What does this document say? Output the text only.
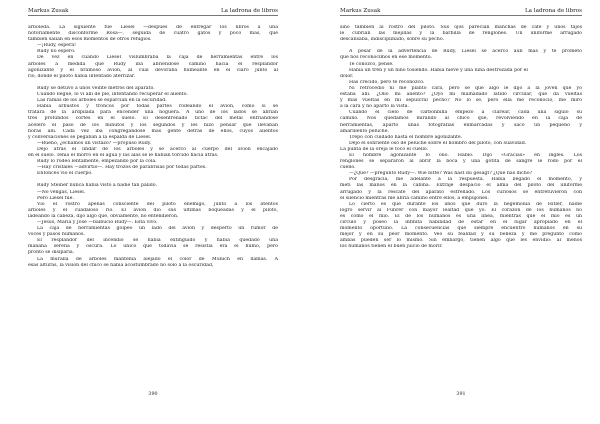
Markus Zusak	La ladrona de libros
arboleda. La siguiente fue Liesel —después de entregar los libros a una
notoriamente disconforme Rosa—, seguida de cuatro gatos y poco más, que
también salían en esos momentos de otros refugios.
—¡Rudy, espera!
Rudy no esperó.
De vez en cuando Liesel vislumbraba la caja de herramientas entre los
árboles a medida que Rudy iba abriéndose camino hacia el resplandor
agonizante y el bramoso avión, al cual devoraba humeante en el claro junto al
río, donde el piloto había intentado aterrizar.
Rudy se detuvo a unos veinte metros del aparato.
Cuando llegué, lo vi allí de pie, intentando recuperar el aliento.
Las ramas de los árboles se esparcían en la oscuridad.
Había arbustos y troncos por todas partes rodeando el avión, como si se
tratara de la ardpilada para encender una hoguera. A uno de los lados se abrían
tres profundos cortes en el suelo. El desenfrenado tictac del metal enfriándose
aceleró el paso de los minutos y los segundos y les hizo pensar que llevaban
horas allí. Cada vez iba congregándose más gente detrás de ellos, cuyos alientos
y conversaciones se pegaban a la espalda de Liesel.
—Bueno, ¿echamos un vistazo? —propuso Rudy.
Dejó atrás el lindar de los árboles y se acercó al cuerpo del avión encajado
en el suelo. Tenía el morro en el agua y las alas se le habían torcido hacia atrás.
Rudy lo rodeó lentamente, empezando por la cola.
—Hay cristales —advirtió—. Hay trozos de parabrisas por todas partes.
Entonces vio el cuerpo.
Rudy Steiner nunca había visto a nadie tan pálido.
—No vengas, Liesel.
Pero Liesel fue.
Vio el rostro apenas consciente del piloto enemigo, junto a los atentos
árboles y el cuadaloso río. El avión dio sus últimas boqueadas y el piloto,
ladeando la cabeza, dijo algo que, obviamente, no entendieron.
—Jesús, María y José —balbució Rudy—. Está vivo.
La caja de herramientas golpeó un lado del avión y despertó un rumor de
voces y pasos humanos.
El resplandor del incendio se había extinguido y había quedado una
mañana serena y oscura. Lo único que todavía se resistía era el humo, pero
pronto se disiparía.
La muralla de árboles mantenía alejado el color de Munich en llamas. A
esas alturas, la visión del chico se había acostumbrado no sólo a la oscuridad,
390
Markus Zusak	La ladrona de libros
sino también al rostro del piloto. Sus ojos parecían manchas de café y unos tajos
le cubrían las mejillas y la barbilla de renglones. Un uniforme arrugado
descansaba, indisciplinado, sobre su pecho.
A pesar de la advertencia de Rudy, Liesel se acercó aún más y te prometo
que nos reconocimos en ese momento.
Te conozco, pensé.
Había un tren y un niño tosiendo. Había nieve y una niña destrozada por el
dolor.
Has crecido, pero te reconozco.
Ni retrocedió ni me plantó cara, pero sé que algo le dijo a la joven que yo
estaba allí. ¿Olió mi aliento? ¿Oyó mi malhadado latido circular, que da vueltas
y más vueltas en mi sepulcral pecho? No lo sé, pero ella me reconoció, me miró
a la cara y no apartó la vista.
Cuando el cielo de carbonbilla empezó a clarear, cada una siguió su
camino. Nos quedamos mirando al chico que, revolviendo en la caja de
herramientas, apartó unas fotografías enmarcadas y sacó un pequeño y
amarillento peluche.
Trepó con cuidado hasta el hombre agonizante.
Dejó el sonriente oso de peluche sobre el hombro del piloto, con suavidad.
La punta de la oreja le tocó el cuello.
El hombre agonizante lo olió. Habló. Dijo «Gracias» en inglés. Los
renglones se separaron al abrir la boca y una gotita de sangre le rodó por el
cuello.
—¿Qué? —preguntó Rudy—. Wie bitte? Was hast du gesagt? ¿Qué has dicho?
Por desgracia, me adelanté a la respuesta. Había llegado el momento, y
metí las manos en la cabina. Extrajé despacio el alma del piloto del uniforme
arrugado y la rescaté del aparato estrellado. Los curiosos se entretuvieron con
el silencio mientras me abría camino entre ellos, a empujones.
Lo cierto es que durante los años que duró la hegemonía de Hitler, nadie
logró servir al Führer con mayor lealtad que yo. El corazón de los humanos no
es como el mío. El de los humanos es una línea, mientras que el mío es un
círculo y poseo la infinita habilidad de estar en el lugar apropiado en el
momento oportuno. La consecuencias que siempre encuentro humanos en su
mejor y en su peor momento. Veo su fealdad y su belleza y me pregunto cómo
ambas pueden ser lo mismo. Sin embargo, tienen algo que les envidio: al menos
los humanos tienen el buen juicio de morir.
391
